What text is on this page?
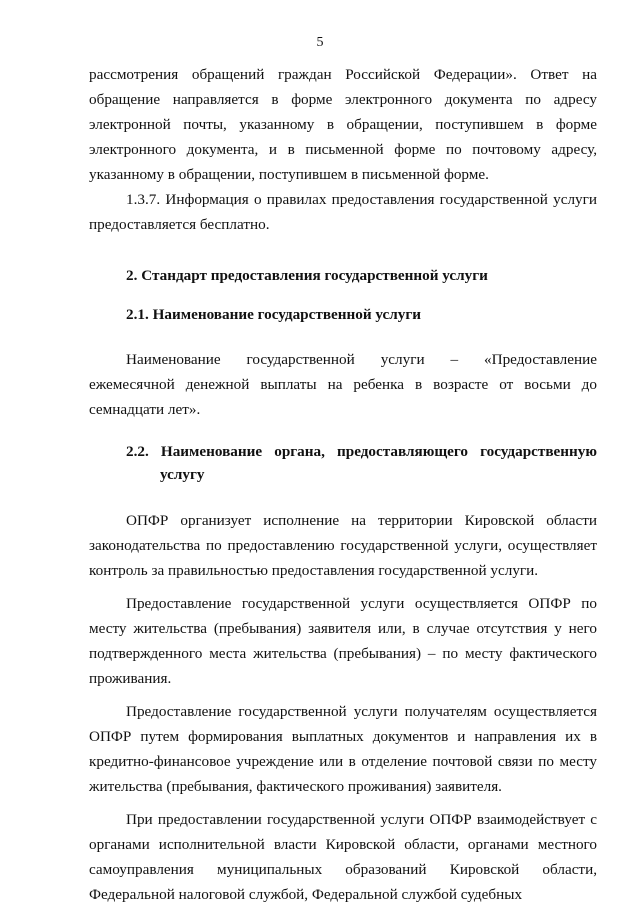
5

рассмотрения обращений граждан Российской Федерации». Ответ на обращение направляется в форме электронного документа по адресу электронной почты, указанному в обращении, поступившем в форме электронного документа, и в письменной форме по почтовому адресу, указанному в обращении, поступившем в письменной форме.

1.3.7. Информация о правилах предоставления государственной услуги предоставляется бесплатно.

2. Стандарт предоставления государственной услуги
2.1. Наименование государственной услуги

Наименование государственной услуги – «Предоставление ежемесячной денежной выплаты на ребенка в возрасте от восьми до семнадцати лет».

2.2. Наименование органа, предоставляющего государственную услугу

ОПФР организует исполнение на территории Кировской области законодательства по предоставлению государственной услуги, осуществляет контроль за правильностью предоставления государственной услуги.

Предоставление государственной услуги осуществляется ОПФР по месту жительства (пребывания) заявителя или, в случае отсутствия у него подтвержденного места жительства (пребывания) – по месту фактического проживания.

Предоставление государственной услуги получателям осуществляется ОПФР путем формирования выплатных документов и направления их в кредитно-финансовое учреждение или в отделение почтовой связи по месту жительства (пребывания, фактического проживания) заявителя.

При предоставлении государственной услуги ОПФР взаимодействует с органами исполнительной власти Кировской области, органами местного самоуправления муниципальных образований Кировской области, Федеральной налоговой службой, Федеральной службой судебных
